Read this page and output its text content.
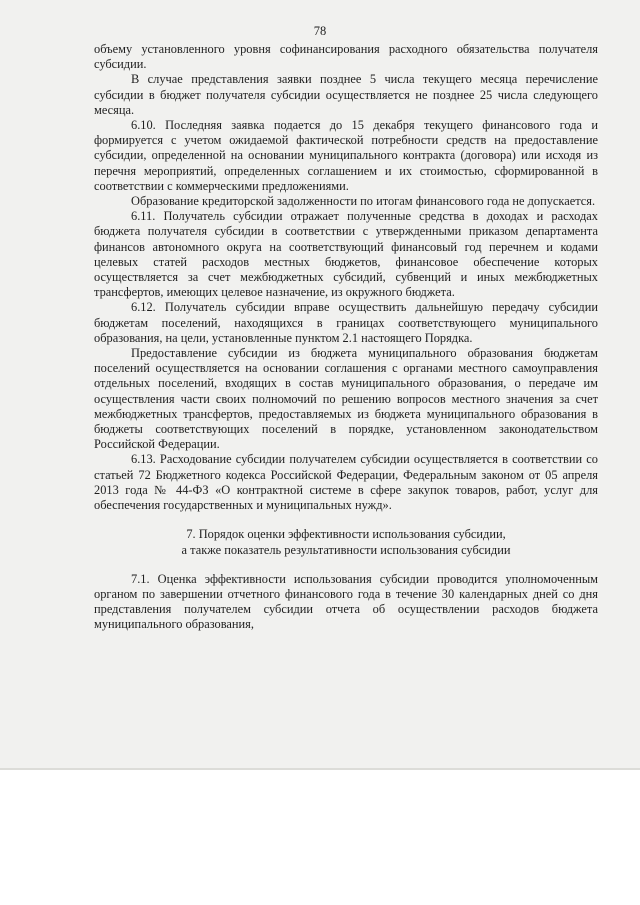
78

объему установленного уровня софинансирования расходного обязательства получателя субсидии.

В случае представления заявки позднее 5 числа текущего месяца перечисление субсидии в бюджет получателя субсидии осуществляется не позднее 25 числа следующего месяца.

6.10. Последняя заявка подается до 15 декабря текущего финансового года и формируется с учетом ожидаемой фактической потребности средств на предоставление субсидии, определенной на основании муниципального контракта (договора) или исходя из перечня мероприятий, определенных соглашением и их стоимостью, сформированной в соответствии с коммерческими предложениями.

Образование кредиторской задолженности по итогам финансового года не допускается.

6.11. Получатель субсидии отражает полученные средства в доходах и расходах бюджета получателя субсидии в соответствии с утвержденными приказом департамента финансов автономного округа на соответствующий финансовый год перечнем и кодами целевых статей расходов местных бюджетов, финансовое обеспечение которых осуществляется за счет межбюджетных субсидий, субвенций и иных межбюджетных трансфертов, имеющих целевое назначение, из окружного бюджета.

6.12. Получатель субсидии вправе осуществить дальнейшую передачу субсидии бюджетам поселений, находящихся в границах соответствующего муниципального образования, на цели, установленные пунктом 2.1 настоящего Порядка.

Предоставление субсидии из бюджета муниципального образования бюджетам поселений осуществляется на основании соглашения с органами местного самоуправления отдельных поселений, входящих в состав муниципального образования, о передаче им осуществления части своих полномочий по решению вопросов местного значения за счет межбюджетных трансфертов, предоставляемых из бюджета муниципального образования в бюджеты соответствующих поселений в порядке, установленном законодательством Российской Федерации.

6.13. Расходование субсидии получателем субсидии осуществляется в соответствии со статьей 72 Бюджетного кодекса Российской Федерации, Федеральным законом от 05 апреля 2013 года № 44-ФЗ «О контрактной системе в сфере закупок товаров, работ, услуг для обеспечения государственных и муниципальных нужд».

7. Порядок оценки эффективности использования субсидии,

а также показатель результативности использования субсидии

7.1. Оценка эффективности использования субсидии проводится уполномоченным органом по завершении отчетного финансового года в течение 30 календарных дней со дня представления получателем субсидии отчета об осуществлении расходов бюджета муниципального образования,
